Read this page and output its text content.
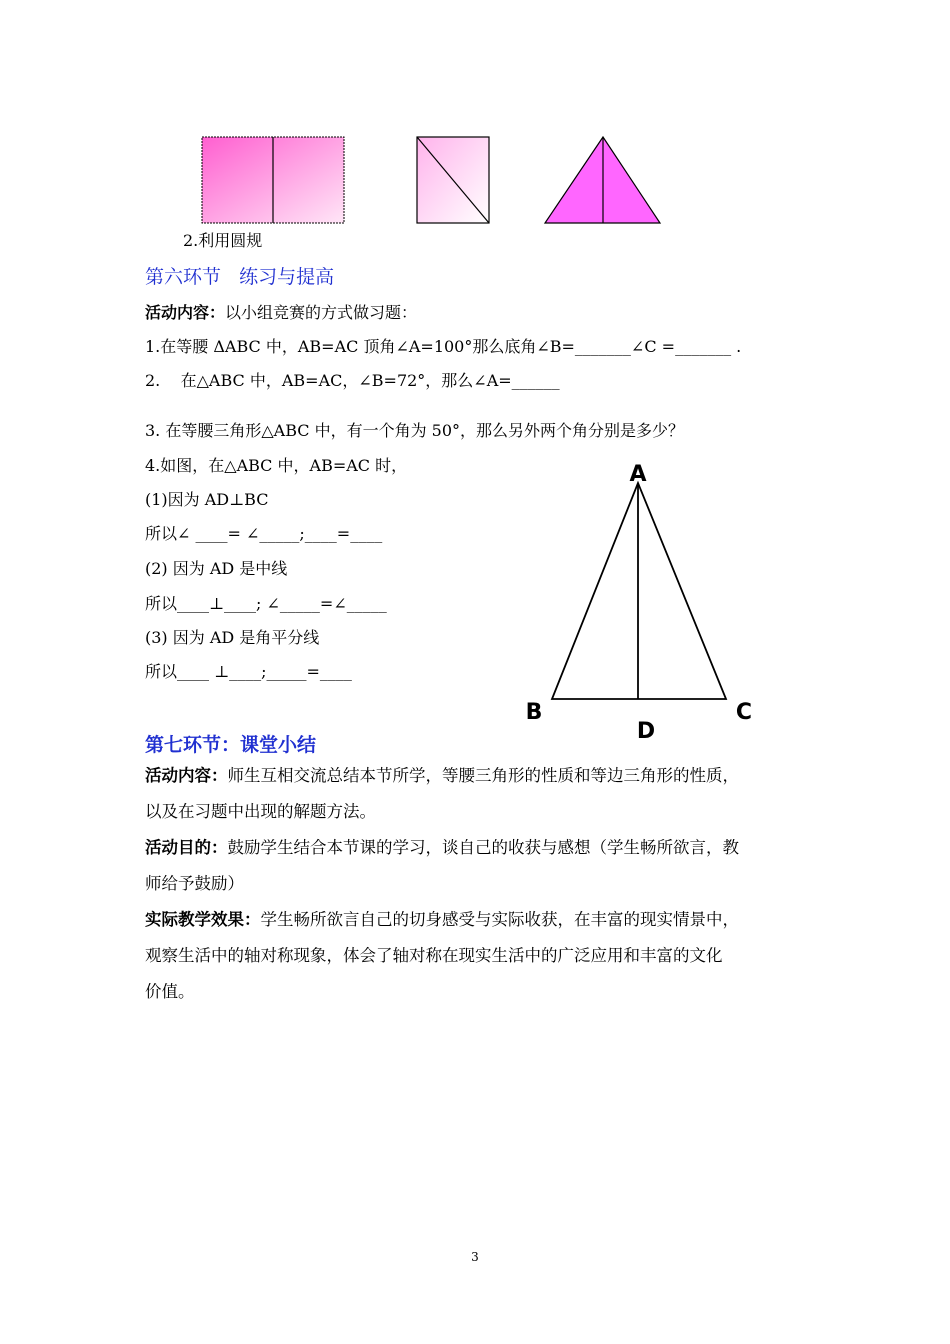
2.利用圆规
第六环节   练习与提高
活动内容：以小组竞赛的方式做习题：
1.在等腰 ΔABC 中，AB=AC 顶角∠A=100°那么底角∠B=_______∠C =_______ .
2.    在△ABC 中，AB=AC，∠B=72°，那么∠A=______
3. 在等腰三角形△ABC 中，有一个角为 50°，那么另外两个角分别是多少？
4.如图，在△ABC 中，AB=AC 时，
(1)因为 AD⊥BC
所以∠ ____= ∠_____;____=____
(2) 因为 AD 是中线
所以____⊥____; ∠_____=∠_____
(3) 因为 AD 是角平分线
所以____ ⊥____;_____=____
A
B	C
D
第七环节：课堂小结
活动内容：师生互相交流总结本节所学，等腰三角形的性质和等边三角形的性质，
以及在习题中出现的解题方法。
活动目的：鼓励学生结合本节课的学习，谈自己的收获与感想（学生畅所欲言，教
师给予鼓励）
实际教学效果：学生畅所欲言自己的切身感受与实际收获，在丰富的现实情景中，
观察生活中的轴对称现象，体会了轴对称在现实生活中的广泛应用和丰富的文化
价值。
3
